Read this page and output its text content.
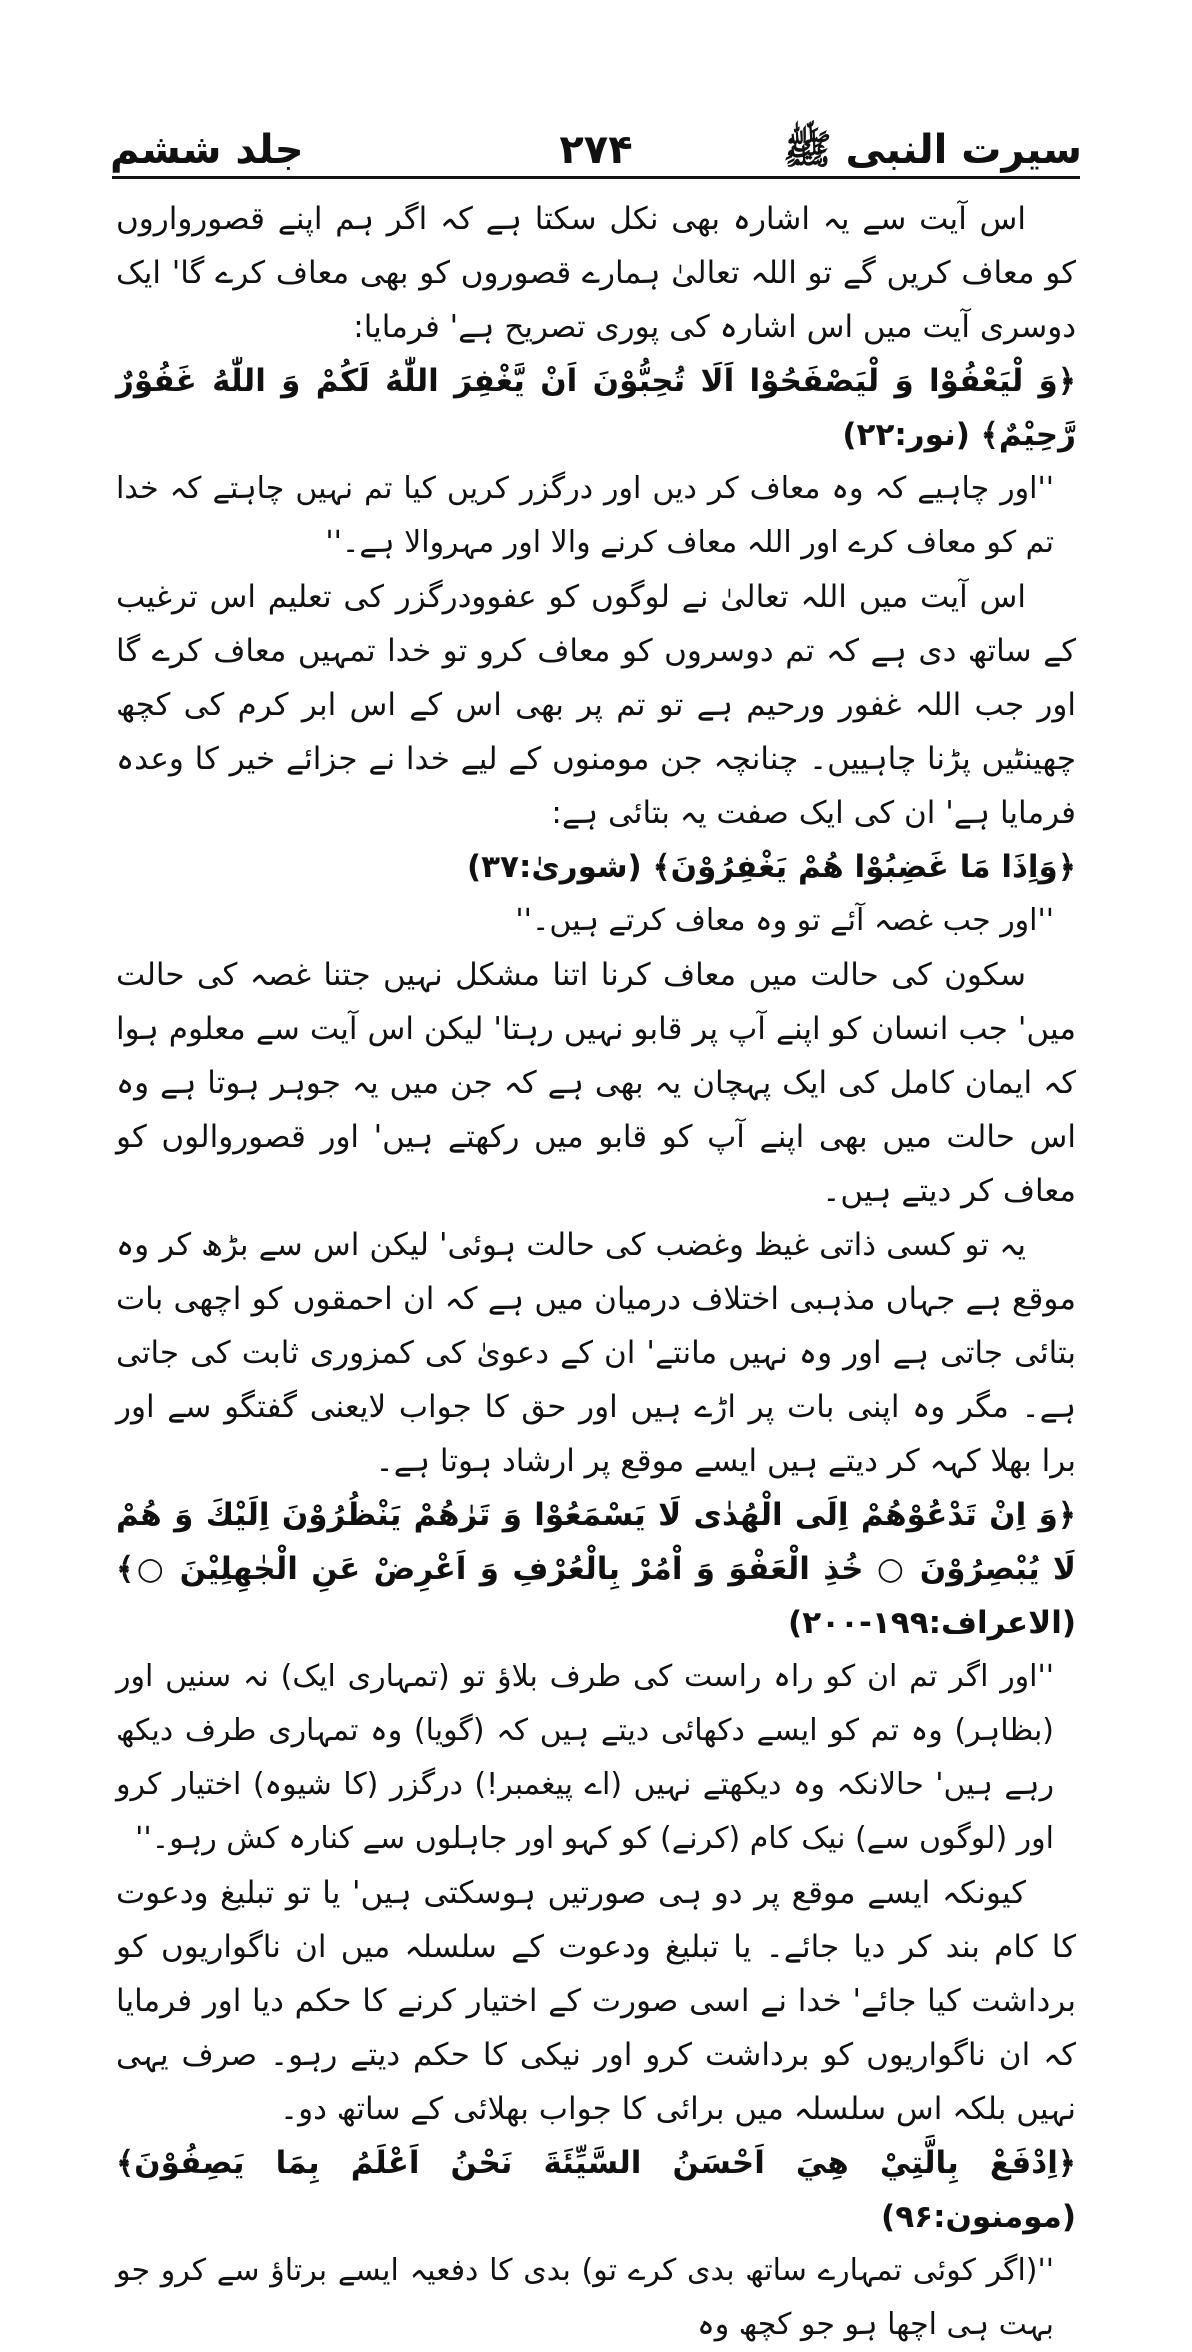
سیرت النبی ﷺ
۲۷۴
جلد ششم

اس آیت سے یہ اشارہ بھی نکل سکتا ہے کہ اگر ہم اپنے قصورواروں کو معاف کریں گے تو اللہ تعالیٰ ہمارے قصوروں کو بھی معاف کرے گا' ایک دوسری آیت میں اس اشارہ کی پوری تصریح ہے' فرمایا:

﴿وَ لْيَعْفُوْا وَ لْيَصْفَحُوْا اَلَا تُحِبُّوْنَ اَنْ يَّغْفِرَ اللّٰهُ لَكُمْ وَ اللّٰهُ غَفُوْرٌ رَّحِيْمٌ﴾ (نور:۲۲)

''اور چاہیے کہ وہ معاف کر دیں اور درگزر کریں کیا تم نہیں چاہتے کہ خدا تم کو معاف کرے اور اللہ معاف کرنے والا اور مہروالا ہے۔''

اس آیت میں اللہ تعالیٰ نے لوگوں کو عفوودرگزر کی تعلیم اس ترغیب کے ساتھ دی ہے کہ تم دوسروں کو معاف کرو تو خدا تمہیں معاف کرے گا اور جب اللہ غفور ورحیم ہے تو تم پر بھی اس کے اس ابر کرم کی کچھ چھینٹیں پڑنا چاہییں۔ چنانچہ جن مومنوں کے لیے خدا نے جزائے خیر کا وعدہ فرمایا ہے' ان کی ایک صفت یہ بتائی ہے:

﴿وَاِذَا مَا غَضِبُوْا هُمْ يَغْفِرُوْنَ﴾ (شوریٰ:۳۷)

''اور جب غصہ آئے تو وہ معاف کرتے ہیں۔''

سکون کی حالت میں معاف کرنا اتنا مشکل نہیں جتنا غصہ کی حالت میں' جب انسان کو اپنے آپ پر قابو نہیں رہتا' لیکن اس آیت سے معلوم ہوا کہ ایمان کامل کی ایک پہچان یہ بھی ہے کہ جن میں یہ جوہر ہوتا ہے وہ اس حالت میں بھی اپنے آپ کو قابو میں رکھتے ہیں' اور قصوروالوں کو معاف کر دیتے ہیں۔

یہ تو کسی ذاتی غیظ وغضب کی حالت ہوئی' لیکن اس سے بڑھ کر وہ موقع ہے جہاں مذہبی اختلاف درمیان میں ہے کہ ان احمقوں کو اچھی بات بتائی جاتی ہے اور وہ نہیں مانتے' ان کے دعویٰ کی کمزوری ثابت کی جاتی ہے۔ مگر وہ اپنی بات پر اڑے ہیں اور حق کا جواب لایعنی گفتگو سے اور برا بھلا کہہ کر دیتے ہیں ایسے موقع پر ارشاد ہوتا ہے۔

﴿وَ اِنْ تَدْعُوْهُمْ اِلَى الْهُدٰى لَا يَسْمَعُوْا وَ تَرٰهُمْ يَنْظُرُوْنَ اِلَيْكَ وَ هُمْ لَا يُبْصِرُوْنَ ○ خُذِ الْعَفْوَ وَ اْمُرْ بِالْعُرْفِ وَ اَعْرِضْ عَنِ الْجٰهِلِيْنَ ○﴾ (الاعراف:۱۹۹-۲۰۰)

''اور اگر تم ان کو راہ راست کی طرف بلاؤ تو (تمہاری ایک) نہ سنیں اور (بظاہر) وہ تم کو ایسے دکھائی دیتے ہیں کہ (گویا) وہ تمہاری طرف دیکھ رہے ہیں' حالانکہ وہ دیکھتے نہیں (اے پیغمبر!) درگزر (کا شیوہ) اختیار کرو اور (لوگوں سے) نیک کام (کرنے) کو کہو اور جاہلوں سے کنارہ کش رہو۔''

کیونکہ ایسے موقع پر دو ہی صورتیں ہوسکتی ہیں' یا تو تبلیغ ودعوت کا کام بند کر دیا جائے۔ یا تبلیغ ودعوت کے سلسلہ میں ان ناگواریوں کو برداشت کیا جائے' خدا نے اسی صورت کے اختیار کرنے کا حکم دیا اور فرمایا کہ ان ناگواریوں کو برداشت کرو اور نیکی کا حکم دیتے رہو۔ صرف یہی نہیں بلکہ اس سلسلہ میں برائی کا جواب بھلائی کے ساتھ دو۔

﴿اِدْفَعْ بِالَّتِيْ هِيَ اَحْسَنُ السَّيِّئَةَ نَحْنُ اَعْلَمُ بِمَا يَصِفُوْنَ﴾ (مومنون:۹۶)

''(اگر کوئی تمہارے ساتھ بدی کرے تو) بدی کا دفعیہ ایسے برتاؤ سے کرو جو بہت ہی اچھا ہو جو کچھ وہ
